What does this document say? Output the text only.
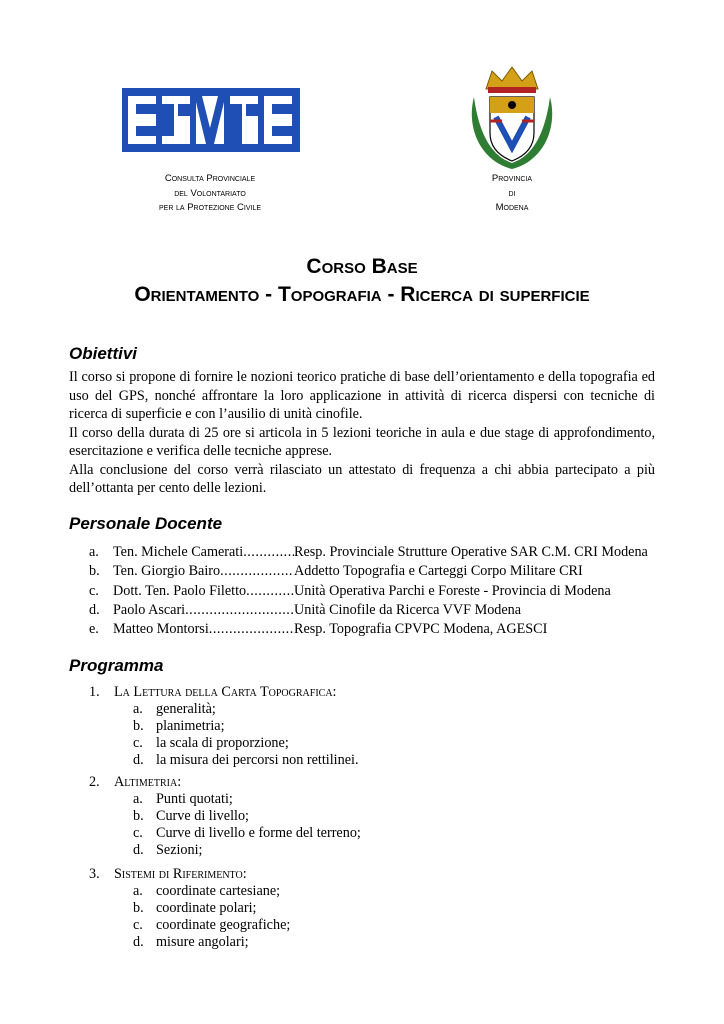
Consulta Provinciale
del Volontariato
per la Protezione Civile
Provincia
di
Modena
Corso Base
Orientamento - Topografia - Ricerca di superficie
Obiettivi

Il corso si propone di fornire le nozioni teorico pratiche di base dell’orientamento e della topografia ed uso del GPS, nonché affrontare la loro applicazione in attività di ricerca dispersi con tecniche di ricerca di superficie e con l’ausilio di unità cinofile.

Il corso della durata di 25 ore si articola in 5 lezioni teoriche in aula e due stage di approfondimento, esercitazione e verifica delle tecniche apprese.

Alla conclusione del corso verrà rilasciato un attestato di frequenza a chi abbia partecipato a più dell’ottanta per cento delle lezioni.

Personale Docente
a. Ten. Michele Camerati .....	Resp. Provinciale Strutture Operative SAR C.M. CRI Modena
b. Ten. Giorgio Bairo .....	Addetto Topografia e Carteggi Corpo Militare CRI
c. Dott. Ten. Paolo Filetto .....	Unità Operativa Parchi e Foreste - Provincia di Modena
d. Paolo Ascari .....	Unità Cinofile da Ricerca VVF Modena
e. Matteo Montorsi .....	Resp. Topografia CPVPC Modena, AGESCI
Programma
1.	La Lettura della Carta Topografica:
a. generalità;
b. planimetria;
c. la scala di proporzione;
d. la misura dei percorsi non rettilinei.
2.	Altimetria:
a. Punti quotati;
b. Curve di livello;
c. Curve di livello e forme del terreno;
d. Sezioni;
3.	Sistemi di Riferimento:
a. coordinate cartesiane;
b. coordinate polari;
c. coordinate geografiche;
d. misure angolari;
